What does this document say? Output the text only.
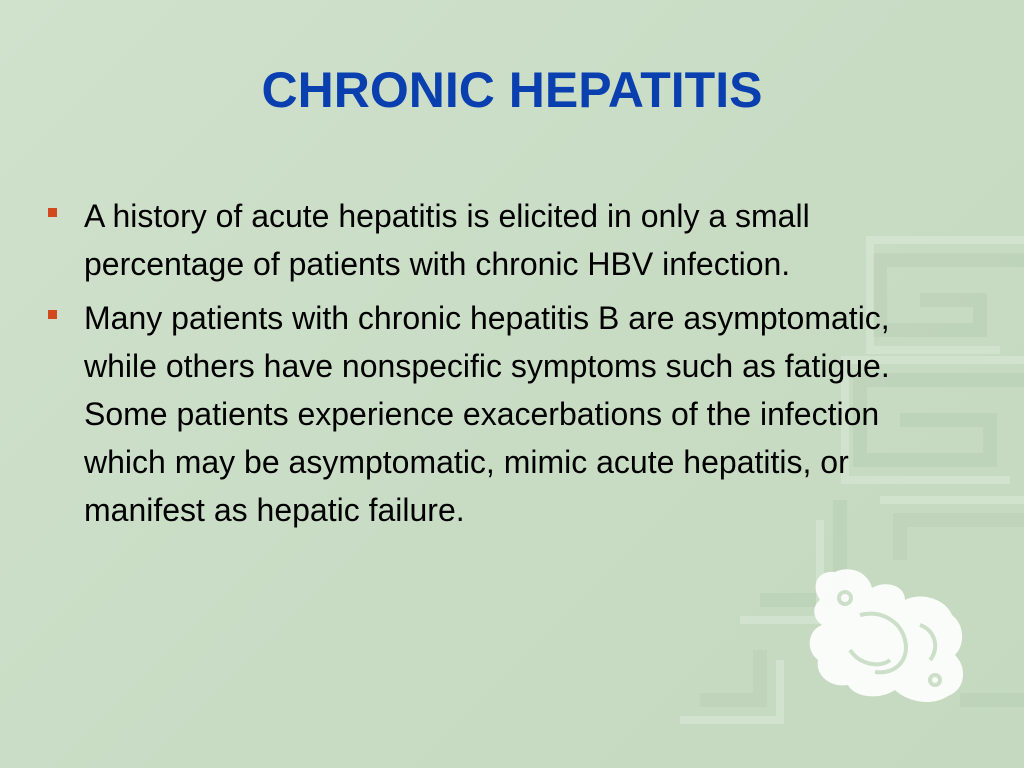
CHRONIC HEPATITIS
A history of acute hepatitis is elicited in only a small percentage of patients with chronic HBV infection.
Many patients with chronic hepatitis B are asymptomatic, while others have nonspecific symptoms such as fatigue. Some patients experience exacerbations of the infection which may be asymptomatic, mimic acute hepatitis, or manifest as hepatic failure.
